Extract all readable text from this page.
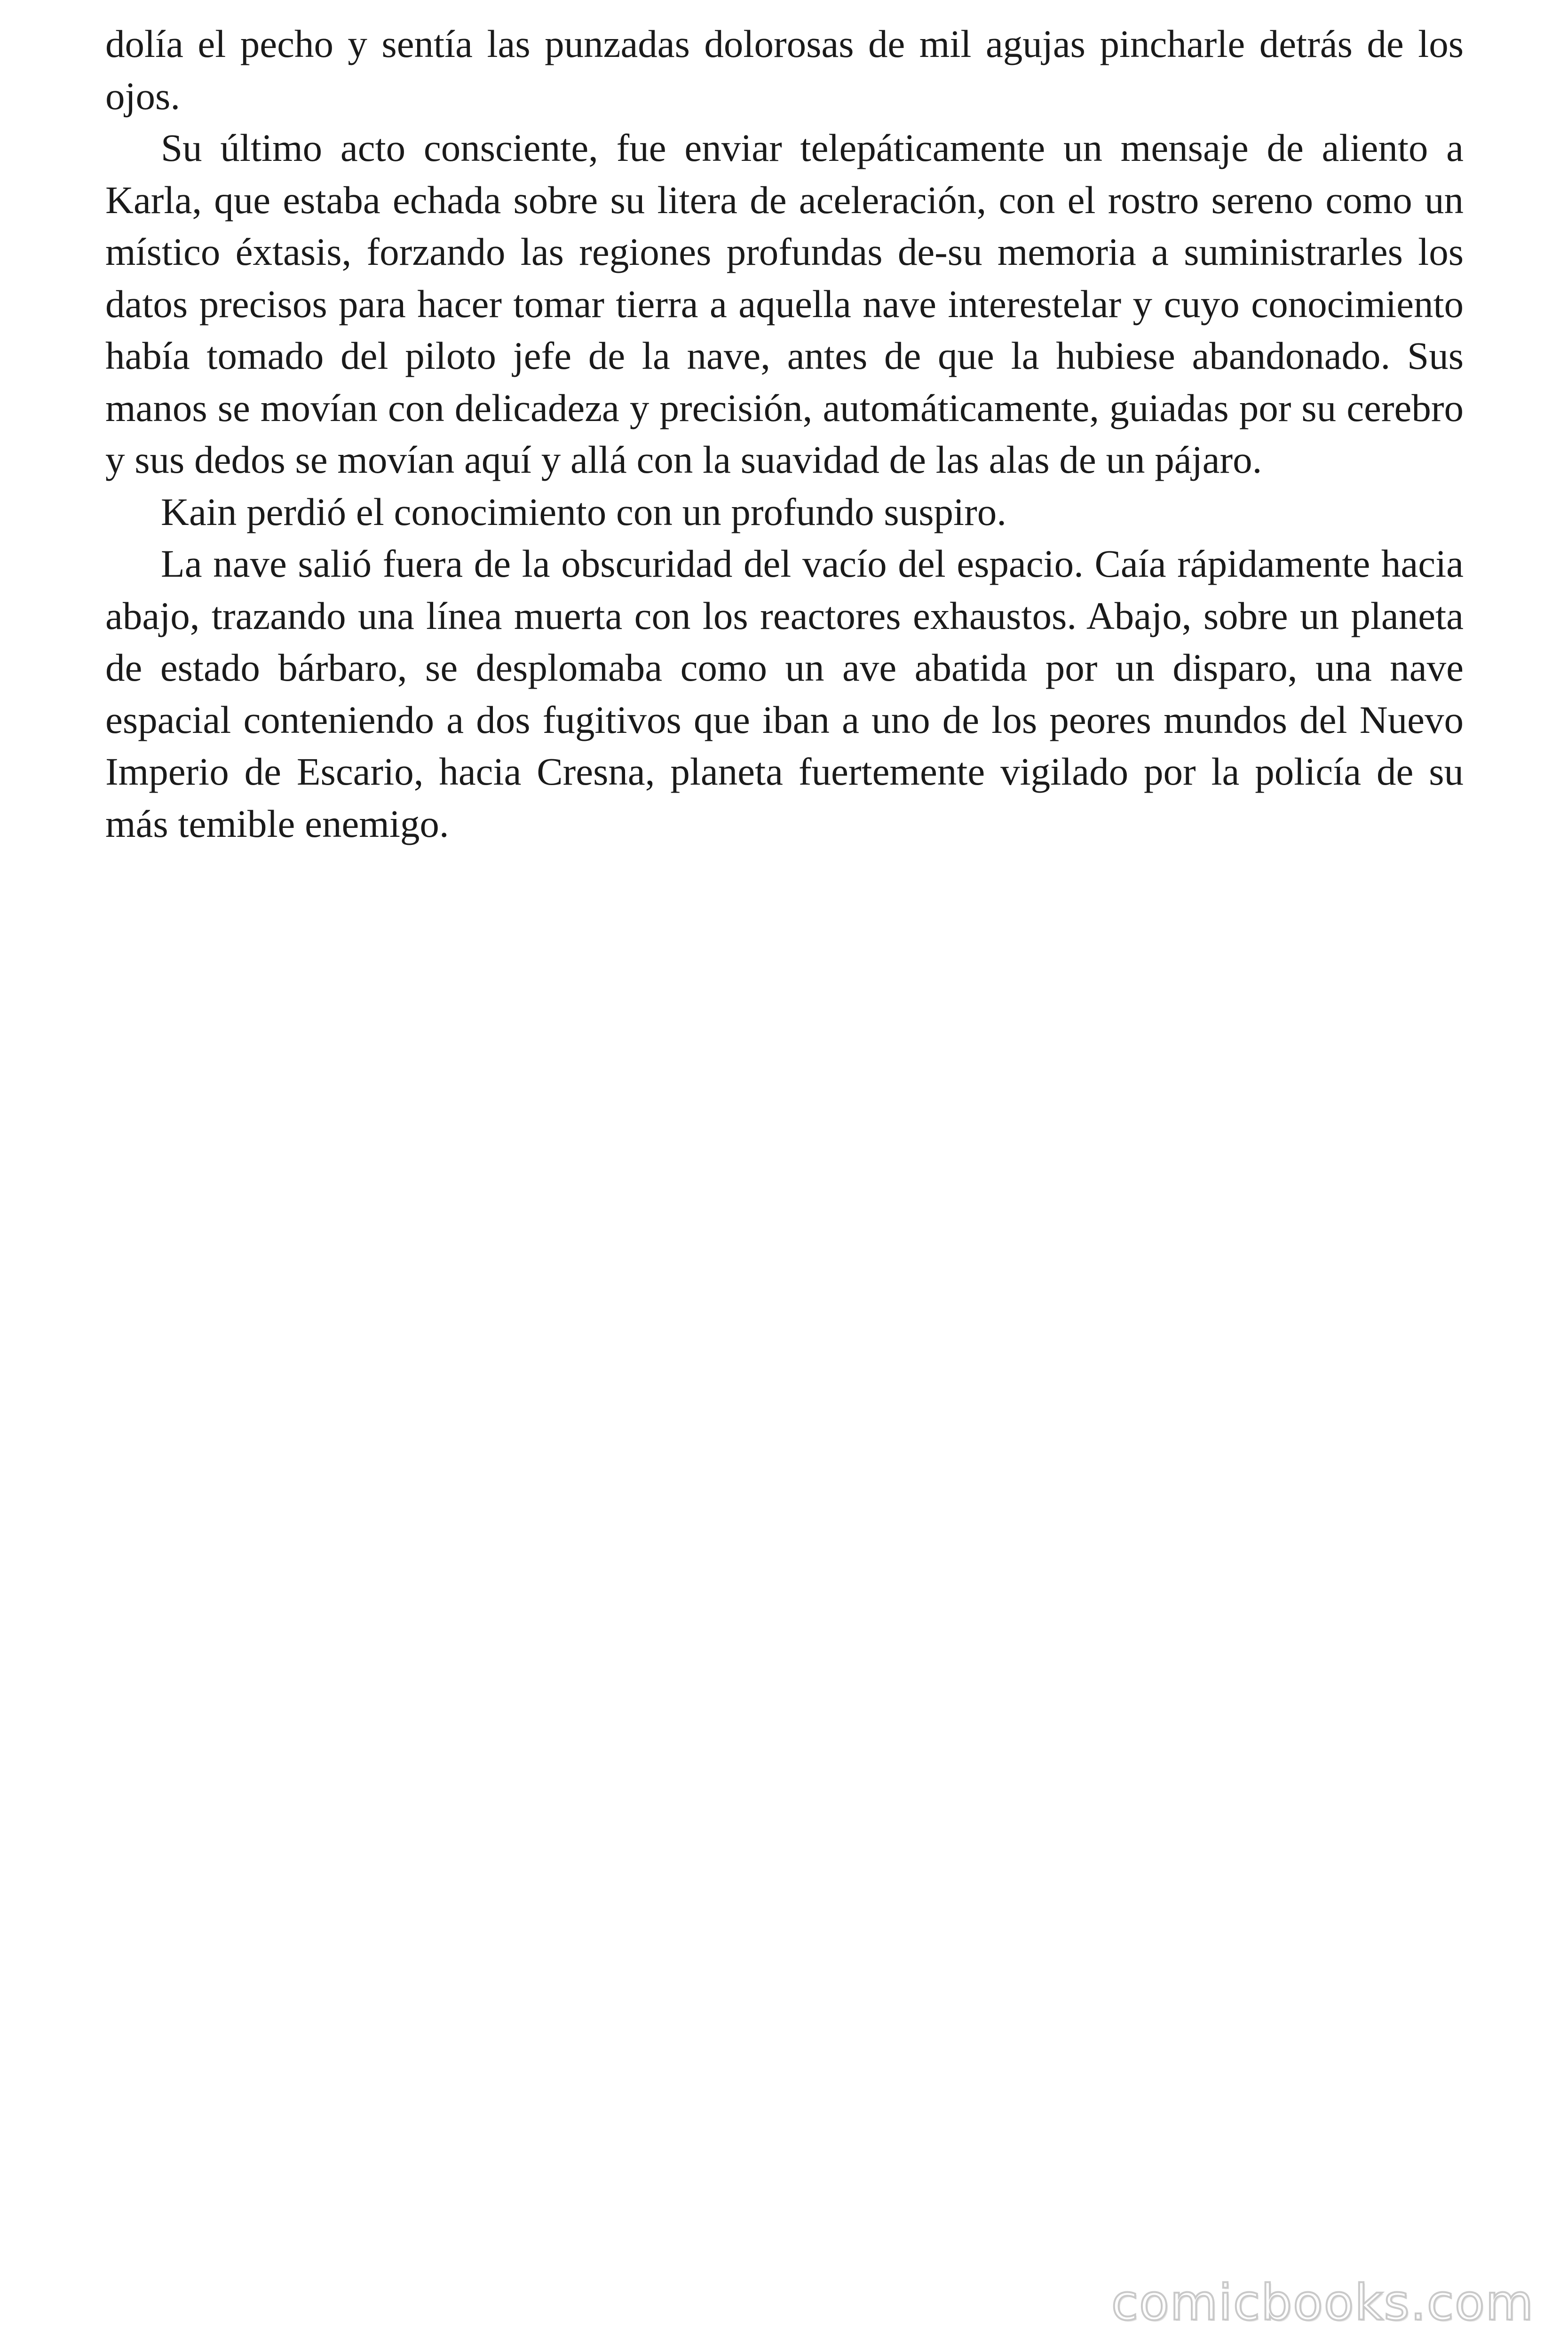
dolía el pecho y sentía las punzadas dolorosas de mil agujas pincharle detrás de los ojos.

Su último acto consciente, fue enviar telepáticamente un mensaje de aliento a Karla, que estaba echada sobre su litera de aceleración, con el rostro sereno como un místico éxtasis, forzando las regiones profundas de-su memoria a suministrarles los datos precisos para hacer tomar tierra a aquella nave interestelar y cuyo conocimiento había tomado del piloto jefe de la nave, antes de que la hubiese abandonado. Sus manos se movían con delicadeza y precisión, automáticamente, guiadas por su cerebro y sus dedos se movían aquí y allá con la suavidad de las alas de un pájaro.

Kain perdió el conocimiento con un profundo suspiro.

La nave salió fuera de la obscuridad del vacío del espacio. Caía rápidamente hacia abajo, trazando una línea muerta con los reactores exhaustos. Abajo, sobre un planeta de estado bárbaro, se desplomaba como un ave abatida por un disparo, una nave espacial conteniendo a dos fugitivos que iban a uno de los peores mundos del Nuevo Imperio de Escario, hacia Cresna, planeta fuertemente vigilado por la policía de su más temible enemigo.

comicbooks.com
